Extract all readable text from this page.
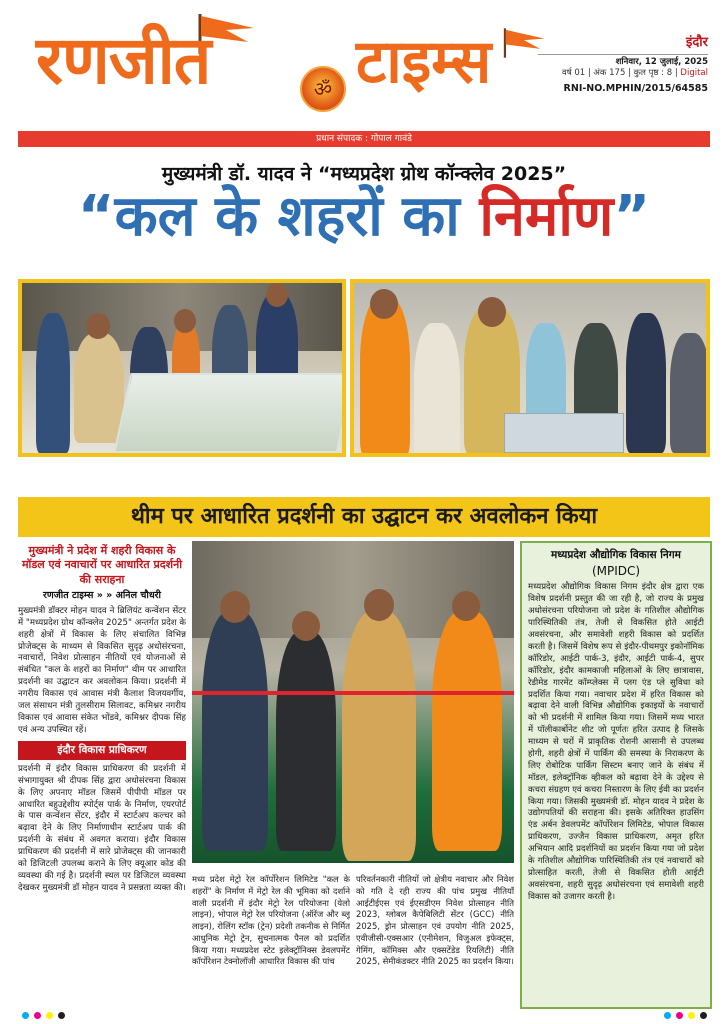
रणजीत	ॐ टाइम्स	इंदौर
शनिवार, 12 जुलाई, 2025
वर्ष 01 | अंक 175 | कुल पृष्ठ : 8 | Digital
RNI-NO.MPHIN/2015/64585
प्रधान संपादक : गोपाल गावंडे
मुख्यमंत्री डॉ. यादव ने “मध्यप्रदेश ग्रोथ कॉन्क्लेव 2025”
“कल के शहरों का निर्माण”
थीम पर आधारित प्रदर्शनी का उद्घाटन कर अवलोकन किया
मुख्यमंत्री ने प्रदेश में शहरी विकास के मॉडल एवं नवाचारों पर आधारित प्रदर्शनी की सराहना
रणजीत टाइम्स » » अनिल चौधरी
मुख्यमंत्री डॉक्टर मोहन यादव ने ब्रिलियंट कन्वेंशन सेंटर में "मध्यप्रदेश ग्रोथ कॉन्क्लेव 2025" अन्तर्गत प्रदेश के शहरी क्षेत्रों में विकास के लिए संचालित विभिन्न प्रोजेक्ट्स के माध्यम से विकसित सुदृढ़ अधोसंरचना, नवाचारों, निवेश प्रोत्साहन नीतियों एवं योजनाओं से संबंधित "कल के शहरों का निर्माण" थीम पर आधारित प्रदर्शनी का उद्घाटन कर अवलोकन किया। प्रदर्शनी में नगरीय विकास एवं आवास मंत्री कैलाश विजयवर्गीय, जल संसाधन मंत्री तुलसीराम सिलावट, कमिश्नर नगरीय विकास एवं आवास संकेत भोंडवे, कमिश्नर दीपक सिंह एवं अन्य उपस्थित रहें।
इंदौर विकास प्राधिकरण
प्रदर्शनी में इंदौर विकास प्राधिकरण की प्रदर्शनी में संभागायुक्त श्री दीपक सिंह द्वारा अधोसंरचना विकास के लिए अपनाए मॉडल जिसमें पीपीपी मॉडल पर आधारित बहुउद्देशीय स्पोर्ट्स पार्क के निर्माण, एयरपोर्ट के पास कन्वेंशन सेंटर, इंदौर में स्टार्टअप कल्चर को बढ़ावा देने के लिए निर्माणाधीन स्टार्टअप पार्क की प्रदर्शनी के संबंध में अवगत कराया। इंदौर विकास प्राधिकरण की प्रदर्शनी में सारे प्रोजेक्ट्स की जानकारी को डिजिटली उपलब्ध कराने के लिए क्यूआर कोड की व्यवस्था की गई है। प्रदर्शनी स्थल पर डिजिटल व्यवस्था देखकर मुख्यमंत्री डॉ मोहन यादव ने प्रसन्नता व्यक्त की।
मध्य प्रदेश मेट्रो रेल कॉर्पोरेशन लिमिटेड "कल के शहरों" के निर्माण में मेट्रो रेल की भूमिका को दर्शाने वाली प्रदर्शनी में इंदौर मेट्रो रेल परियोजना (येलो लाइन), भोपाल मेट्रो रेल परियोजना (ऑरेंज और ब्लू लाइन), रोलिंग स्टॉक (ट्रेन) प्रदेशी तकनीक से निर्मित आधुनिक मेट्रो ट्रेन, सुचनात्मक पैनल को प्रदर्शित किया गया। मध्यप्रदेश स्टेट इलेक्ट्रॉनिक्स डेवलपमेंट कॉर्पोरेशन टेक्नोलॉजी आधारित विकास की पांच
परिवर्तनकारी नीतियों जो क्षेत्रीय नवाचार और निवेश को गति दे रही राज्य की पांच प्रमुख नीतियाँ आईटीईएस एवं ईएसडीएम निवेश प्रोत्साहन नीति 2023, ग्लोबल कैपेबिलिटी सेंटर (GCC) नीति 2025, ड्रोन प्रोत्साहन एवं उपयोग नीति 2025, एवीजीसी-एक्सआर (एनीमेशन, विजुअल इफेक्ट्स, गेमिंग, कॉमिक्स और एक्सटेंडेड रियलिटी) नीति 2025, सेमीकंडक्टर नीति 2025 का प्रदर्शन किया।
मध्यप्रदेश औद्योगिक विकास निगम
(MPIDC)
मध्यप्रदेश औद्योगिक विकास निगम इंदौर क्षेत्र द्वारा एक विशेष प्रदर्शनी प्रस्तुत की जा रही है, जो राज्य के प्रमुख अधोसंरचना परियोजना जो प्रदेश के गतिशील औद्योगिक पारिस्थितिकी तंत्र, तेजी से विकसित होते आईटी अवसंरचना, और समावेशी शहरी विकास को प्रदर्शित करती है। जिसमें विशेष रूप से इंदौर-पीथमपुर इकोनॉमिक कॉरिडोर, आईटी पार्क-3, इंदौर, आईटी पार्क-4, सुपर कॉरिडोर, इंदौर कामकाजी महिलाओं के लिए छात्रावास, रेडीमेड गारमेंट कॉम्प्लेक्स में प्लग एंड प्ले सुविधा को प्रदर्शित किया गया। नवाचार प्रदेश में हरित विकास को बढ़ावा देने वाली विभिन्न औद्योगिक इकाइयों के नवाचारों को भी प्रदर्शनी में शामिल किया गया। जिसमें मध्य भारत में पॉलीकार्बोनेट शीट जो पूर्णतः हरित उत्पाद है जिसके माध्यम से घरों में प्राकृतिक रोशनी आसानी से उपलब्ध होगी, शहरी क्षेत्रों में पार्किंग की समस्या के निराकरण के लिए रोबोटिक पार्किंग सिस्टम बनाए जाने के संबंध में मॉडल, इलेक्ट्रॉनिक व्हीकल को बढ़ावा देने के उद्देश्य से कचरा संग्रहण एवं कचरा निस्तारण के लिए ईवी का प्रदर्शन किया गया। जिसकी मुख्यमंत्री डॉ. मोहन यादव ने प्रदेश के उद्योगपतियों की सराहना की। इसके अतिरिक्त हाउसिंग एंड अर्बन डेवलपमेंट कॉर्पोरेशन लिमिटेड, भोपाल विकास प्राधिकरण, उज्जैन विकास प्राधिकरण, अमृत हरित अभियान आदि प्रदर्शनियों का प्रदर्शन किया गया जो प्रदेश के गतिशील औद्योगिक पारिस्थितिकी तंत्र एवं नवाचारों को प्रोत्साहित करती, तेजी से विकसित होती आईटी अवसंरचना, शहरी सुदृढ़ अधोसंरचना एवं समावेशी शहरी विकास को उजागर करती है।
